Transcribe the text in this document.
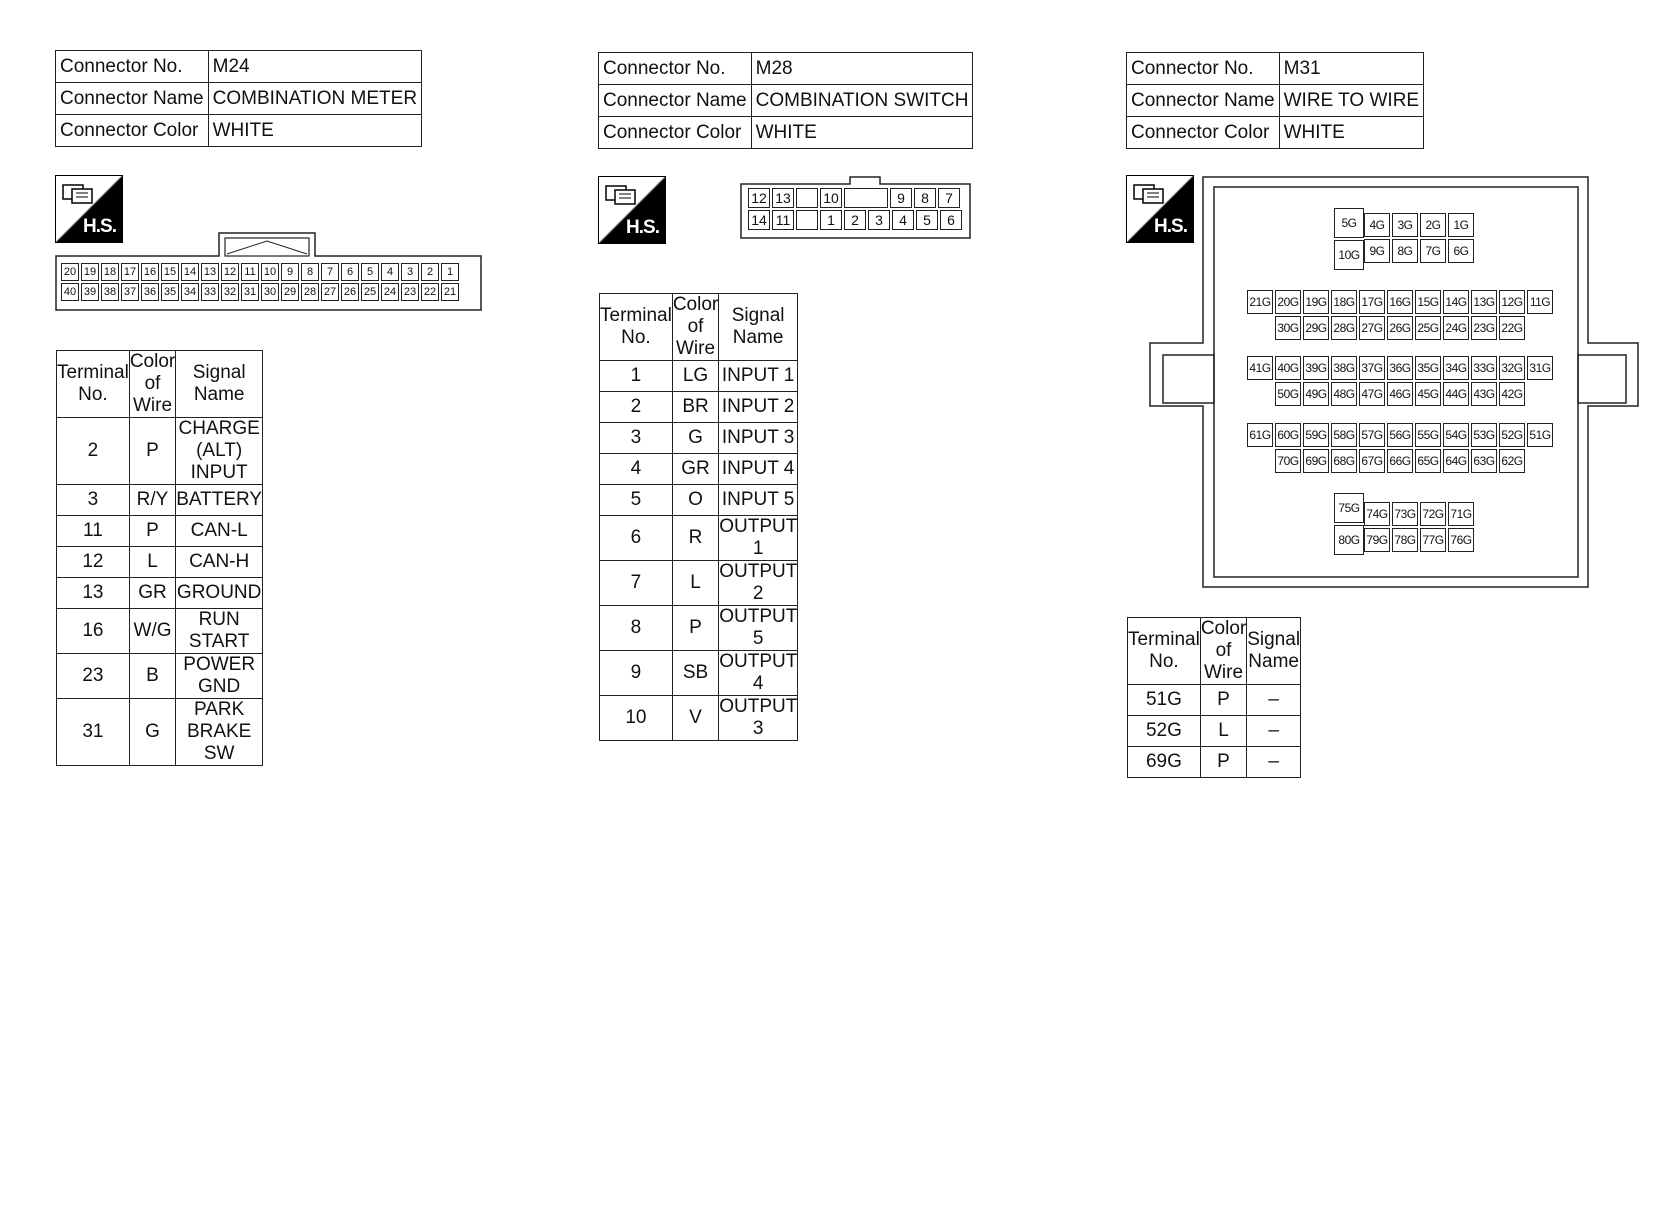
Connector No.	M24
Connector Name	COMBINATION METER
Connector Color	WHITE
H.S.
20 19 18 17 16 15 14 13 12 11 10 9	8	7	6	5	4	3	2	1
40 39 38 37 36 35 34 33 32 31 30 29 28 27 26 25 24 23 22 21
Terminal No.	Color of Wire	Signal Name
2	P	CHARGE (ALT) INPUT
3	R/Y	BATTERY
11	P	CAN-L
12	L	CAN-H
13	GR	GROUND
16	W/G	RUN START
23	B	POWER GND
31	G	PARK BRAKE SW
Connector No.	M28
Connector Name	COMBINATION SWITCH
Connector Color	WHITE
H.S.
12 13 10	9	8	7
14 11	1	2	3	4	5	6
Terminal No.	Color of Wire	Signal Name
1	LG	INPUT 1
2	BR	INPUT 2
3	G	INPUT 3
4	GR	INPUT 4
5	O	INPUT 5
6	R	OUTPUT 1
7	L	OUTPUT 2
8	P	OUTPUT 5
9	SB	OUTPUT 4
10	V	OUTPUT 3
Connector No.	M31
Connector Name	WIRE TO WIRE
Connector Color	WHITE
H.S.	5G
10G
4G	3G	2G	1G
9G	8G	7G	6G
21G 20G 19G 18G 17G 16G 15G 14G 13G 12G 11G
30G 29G 28G 27G 26G 25G 24G 23G 22G
41G 40G 39G 38G 37G 36G 35G 34G 33G 32G 31G
50G 49G 48G 47G 46G 45G 44G 43G 42G
61G 60G 59G 58G 57G 56G 55G 54G 53G 52G 51G
70G 69G 68G 67G 66G 65G 64G 63G 62G
75G
80G
74G 73G 72G 71G
79G 78G 77G 76G
Terminal No.	Color of Wire	Signal Name
51G	P	–
52G	L	–
69G	P	–
